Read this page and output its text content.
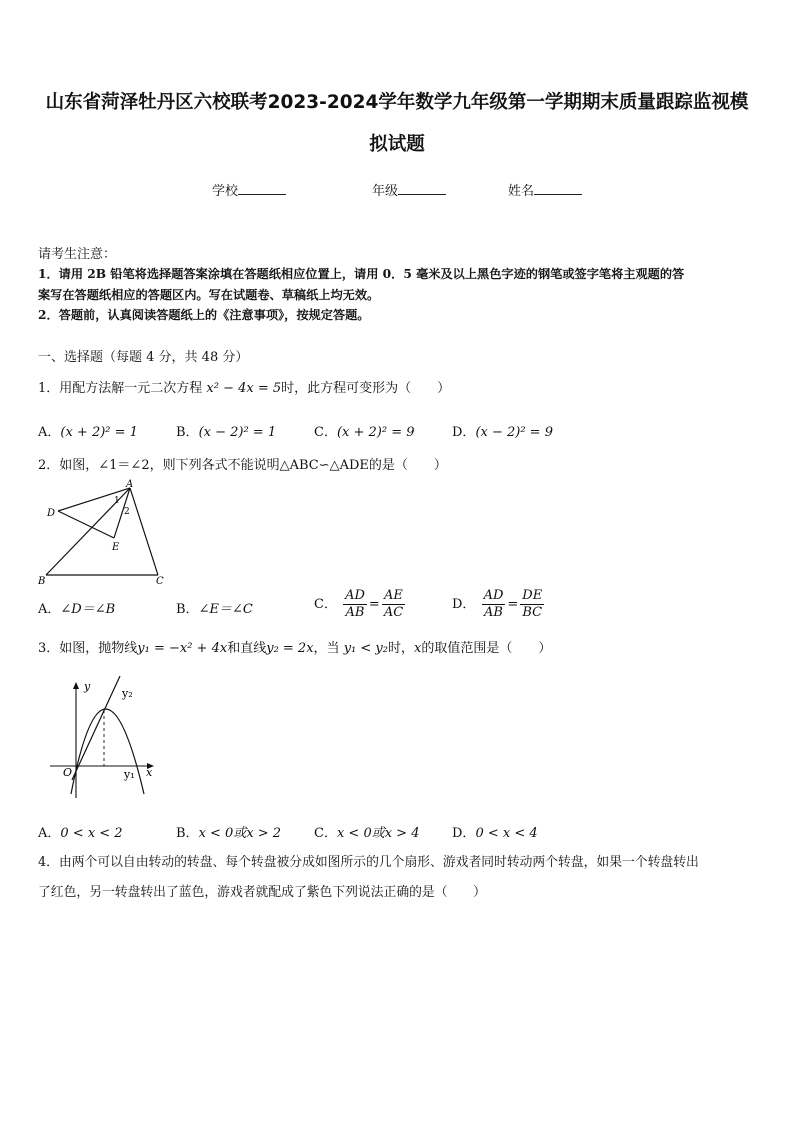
山东省菏泽牡丹区六校联考2023-2024学年数学九年级第一学期期末质量跟踪监视模
拟试题
学校	年级	姓名
请考生注意：
1．请用 2B 铅笔将选择题答案涂填在答题纸相应位置上，请用 0．5 毫米及以上黑色字迹的钢笔或签字笔将主观题的答
案写在答题纸相应的答题区内。写在试题卷、草稿纸上均无效。
2．答题前，认真阅读答题纸上的《注意事项》，按规定答题。
一、选择题（每题 4 分，共 48 分）
1．用配方法解一元二次方程 x² − 4x = 5时，此方程可变形为（　　）
A．(x + 2)² = 1	B．(x − 2)² = 1	C．(x + 2)² = 9	D．(x − 2)² = 9
2．如图，∠1＝∠2，则下列各式不能说明△ABC∽△ADE的是（　　）
A
B	C
D
E
1
2
A．∠D＝∠B	B．∠E＝∠C	C． $\frac{AD}{AB} = \frac{AE}{AC}$	D． $\frac{AD}{AB} = \frac{DE}{BC}$
3．如图，抛物线y₁ = −x² + 4x和直线y₂ = 2x，当 y₁ < y₂时，x的取值范围是（　　）
y
y₂
y₁ x
O
A．0 < x < 2	B．x < 0或x > 2	C．x < 0或x > 4	D．0 < x < 4
4．由两个可以自由转动的转盘、每个转盘被分成如图所示的几个扇形、游戏者同时转动两个转盘，如果一个转盘转出
了红色，另一转盘转出了蓝色，游戏者就配成了紫色下列说法正确的是（　　）
